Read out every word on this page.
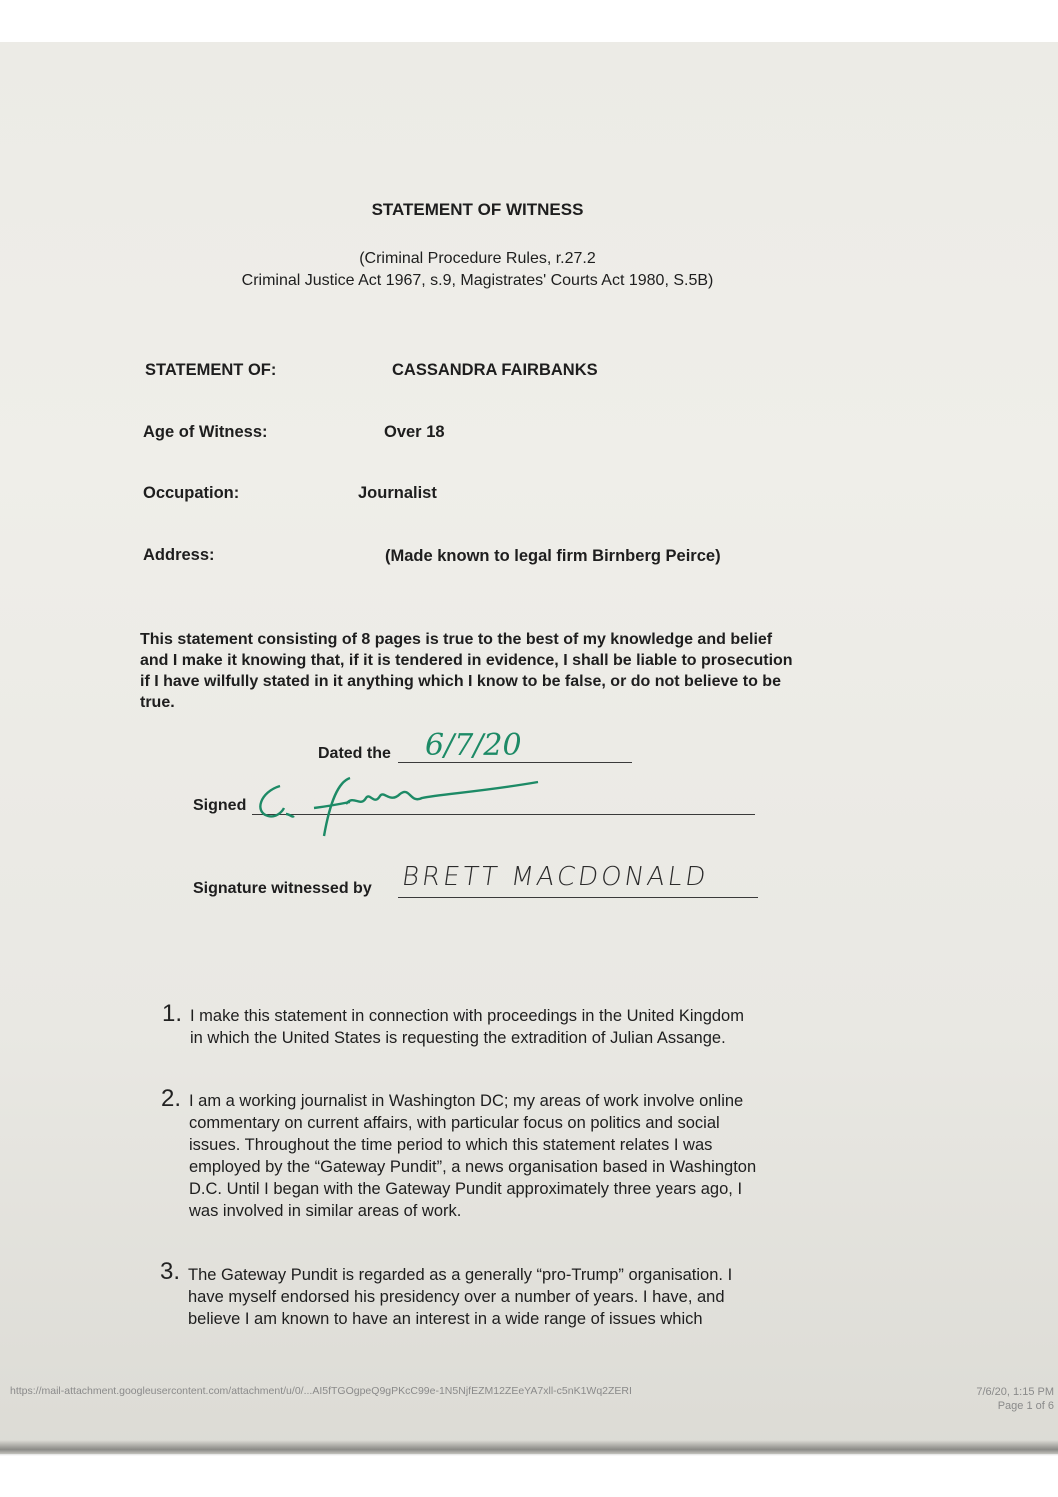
STATEMENT OF WITNESS
(Criminal Procedure Rules, r.27.2
Criminal Justice Act 1967, s.9, Magistrates' Courts Act 1980, S.5B)
STATEMENT OF:	CASSANDRA FAIRBANKS
Age of Witness:	Over 18
Occupation:	Journalist
Address:	(Made known to legal firm Birnberg Peirce)
This statement consisting of 8 pages is true to the best of my knowledge and belief and I make it knowing that, if it is tendered in evidence, I shall be liable to prosecution if I have wilfully stated in it anything which I know to be false, or do not believe to be true.
Dated the 6/7/20
Signed
Signature witnessed by BRETT MACDONALD
1. I make this statement in connection with proceedings in the United Kingdom
in which the United States is requesting the extradition of Julian Assange.
2. I am a working journalist in Washington DC; my areas of work involve online
commentary on current affairs, with particular focus on politics and social
issues. Throughout the time period to which this statement relates I was
employed by the “Gateway Pundit”, a news organisation based in Washington
D.C. Until I began with the Gateway Pundit approximately three years ago, I
was involved in similar areas of work.
3. The Gateway Pundit is regarded as a generally “pro-Trump” organisation. I
have myself endorsed his presidency over a number of years. I have, and
believe I am known to have an interest in a wide range of issues which
https://mail-attachment.googleusercontent.com/attachment/u/0/...AI5fTGOgpeQ9gPKcC99e-1N5NjfEZM12ZEeYA7xll-c5nK1Wq2ZERI	7/6/20, 1:15 PM
Page 1 of 6
